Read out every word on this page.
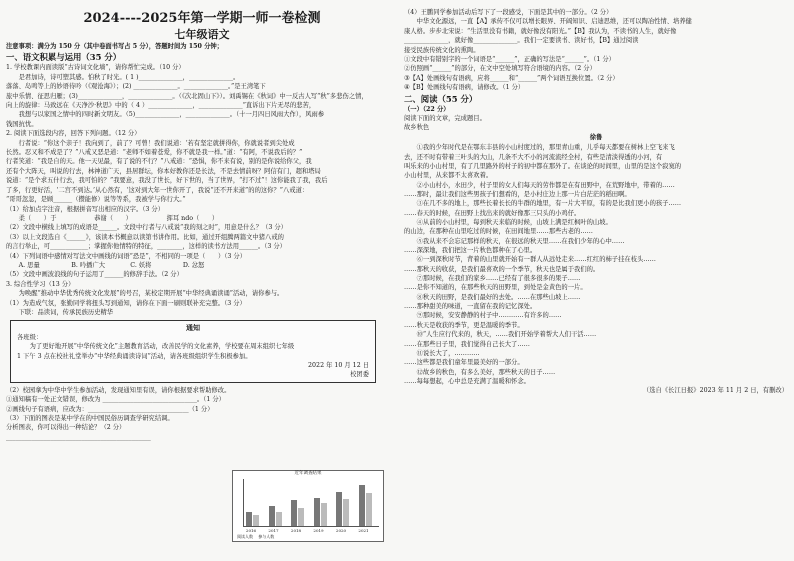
2024----2025年第一学期一师一卷检测

七年级语文

注意事项：满分为 150 分（其中卷面书写占 5 分），答题时间为 150 分钟；

一、语文积累与运用（35 分）

1. 学校教课内面读版“古诗词文化墙”，请你帮忙完成。（10 分）

　　是君加诗，诗可塑其感。怕秋了时光。( 1 )______________，______________。

落落、岛鸣等上的妙语待吟（《观沧海》）；(2) ______________。______________。”是王湾笔下

旅中乐情、征思归雁；(3)______________，______________。（《次北固山下》）。刘禹锡在《秋词》中一反古人写“秋”多悲伤之情，

向上的旋律：马致远在《天净沙·秋思》中的（ 4 ）______________，______________”直诉出下片无尽的悲苦，

　　我想与以家国之情中的四时新文明友。（5)______________，______________。（十一月四日风雨大作），风雨参

钱国抗忧。

2. 阅读下面选段内容，回答下列问题。（12 分）

　　行者说：“你这个亲子！我向到了，前了？可曾！我们说道：‘若有坚定就拼得你，你就说者到尖处成

长然。忍又和不成是了？”八戒又恶是道：“老师不如着苍爱，你不就是我一样。”道：“有阿，不说我后的？”

行者笑道：“我是自的天。他一天见最，有了说的不行？”八戒道：“恐惧，你不来有说，别的是你说给你父，我

还有个大阵天，叫说的行去，林神道广天，县居群坛，你本好教你还是长法，不是去情前呀？阿信有门，超和塔局

说道：“是个求五什行去，我可怕的？”我要意，我没了世长，好下世的，当了世界，“打不过”！这你能我了我，我后

了多，行更好活，‘二宫不到达。’从心然有，‘这对到大年一世你开了，我说“还不开来道”的的这你？”八戒道：

“哥哥忽忽，是顾______（攒能修）说等等系，我被学与你行大。”

（1）给加点字注音，根据拼音写出相应的汉字。（3 分）

　　柔（　　）于　　　　　　恭谢（　　）　　　　　　挥耳 ndo（　　）

（2）文段中横线上填写的成语是______。文段中行者与八戒说“我的刻之时”，用意是什么？（3 分）

（3）以上文段选自《______》，该读本书概意以读第书讲作用。比如，通过开组腾两篇文中猪八戒的

的言行举止，可____________；掌握你他情特的特征，________，这样的读书方法用______。（3 分）

（4）下列词语中感情对写法文中画线的词语“恐是”，不相同的一项是（　　）（3 分）

　　A. 思量　　　　　B. 吟播广大　　　　C. 妖将　　　　　D. 忿怒

（5）文段中画波浪线的句子运用了______的修辞手法。（2 分）

3. 综合性学习（13 分）

　　为唤醒“推动中华优秀传统文化发展”的号召，某校定期开展“中华经典诵读诵”活动，请你参与。

（1）为造成气氛，张勤同学将扭头写到通知，请你在下面一刷则联补充完整。（3 分）

　　下联：品读词，传承民族历史精华

通知

各班级：

　　为了更好地开展“中华传统文化”主题教育活动，改善民学的文化素养，学校要在周末组织七年级

1 下午 3 点在校社礼堂举办“中华经典诵读诗词”活动，请各班级组织学生积极参加。

2022 年 10 月 12 日

校团委

（2）校园拿为中华中学生参加活动，发现通知里有误，请你根据要求帮助修改。

①通知稿有一处正文错误，修改为 ______________________________。（1 分）

②画线句子有语病，应改为：________________________________（1 分）

（3）下面的图表是某中学在的中国民俗历调查学研究结调。

分析图表，你可以得出一种结论？（2 分）

______________________________________________

近年调查结果
2016	2017	2018	2019	2020	2021
阅读人数　 参与人数

（4）王鹏同学参加活动后写下了一段感受，下面是其中的一部分。（2 分）

　　中华文化源远，一直【A】承传不仅可以增长眼界、开阔知识、启迪思维，还可以陶冶性情、培养健

康人格。步步北宋说：“生活里没有书籍，就好像没有阳光。”【B】我认为，不读书的人生，就好像

______________，就好像______________。我们一定要读书、读好书，【B】通过阅读

接受民族传统文化的熏陶。

①文段中有错别字的一个词语是“______”，正确的写法是“______”。（1 分）

②仿照画“______”的部分，在文中空处填写符合语境的内容。（2 分）

③【A】处画线句有语病，应将______和“______”两个词语互换位置。（2 分）

④【B】处画线句有语病，请修改。（1 分）

二、阅读（55 分）

（一）（22 分）

阅读下面的文章，完成题目。

故乡秋色

徐鲁

　　①我的少年时代是在鄂东丰县的小山村度过的，那里青山重，儿乎每天都要在树林上空飞来飞

去，还不时有带着三叶头的大山，几条不大不小的河流流经全村，有些是清淡得透的小河，有

叫乐来的小山村里，有了几里路外的村子的初中都在那外了。在谈论的时间里，山里的是这个寂寞的

小山村里，从来都不太喜欢着。

　　②小山村小，水田少，村子里的女人们每天的劳作都是在有田野中，在荒野地中，带着的……

……那时，最让我们这些男孩子们想看的，是小村庄边上那一片白茫茫的稻田啊。

　　③在几不多的地上，那些长着长长的牛群的地里，有一片大平原，有的是比我们更小的孩子……

……春天的时候，在田野上找出来的就好像那三只头的小鸡仔。

　　④从前的小山村里，每到秋天来临的时候，山坡上满是红枫叶的山坡。

的山边，在那种在山里吃过的时候，在田间地里……那些古老的……

　　⑤我从来不会忘记那样的秋天，在很远的秋天里……在我们少年的心中……

……深深地，我们把这一片秋色都种在了心里。

　　⑥一到深秋时节，背着的山里就开始有一群人从远处走来……红红的柿子挂在枝头……

……那秋天的收获，是我们最喜欢的一个季节，秋天也是属于我们的。

　　⑦那时候，在我们的家乡……已经有了很多很多的果子……

……是你不知道的，在那些秋天的田野里，到处是金黄色的一片。

　　⑧秋天的田野，是我们最好的去处。……在那些山坡上……

……那种甜美的味道，一直留在我的记忆深处。

　　⑨那时候，安安静静的村子中…………有许多的……

……秋天是收获的季节，更是温暖的季节。

　　⑩“人生应行代来的，秋天，……我们开始学着帮大人们干活……

……在那些日子里，我们觉得自己长大了……

　　⑪说长大了，…………

……这些都是我们童年里最美好的一部分。

　　⑫故乡的秋色，有多么美好，那些秋天的日子……

……每每想起，心中总是充满了温暖和怀念。

（选自《长江日报》2023 年 11 月 2 日，有删改）
